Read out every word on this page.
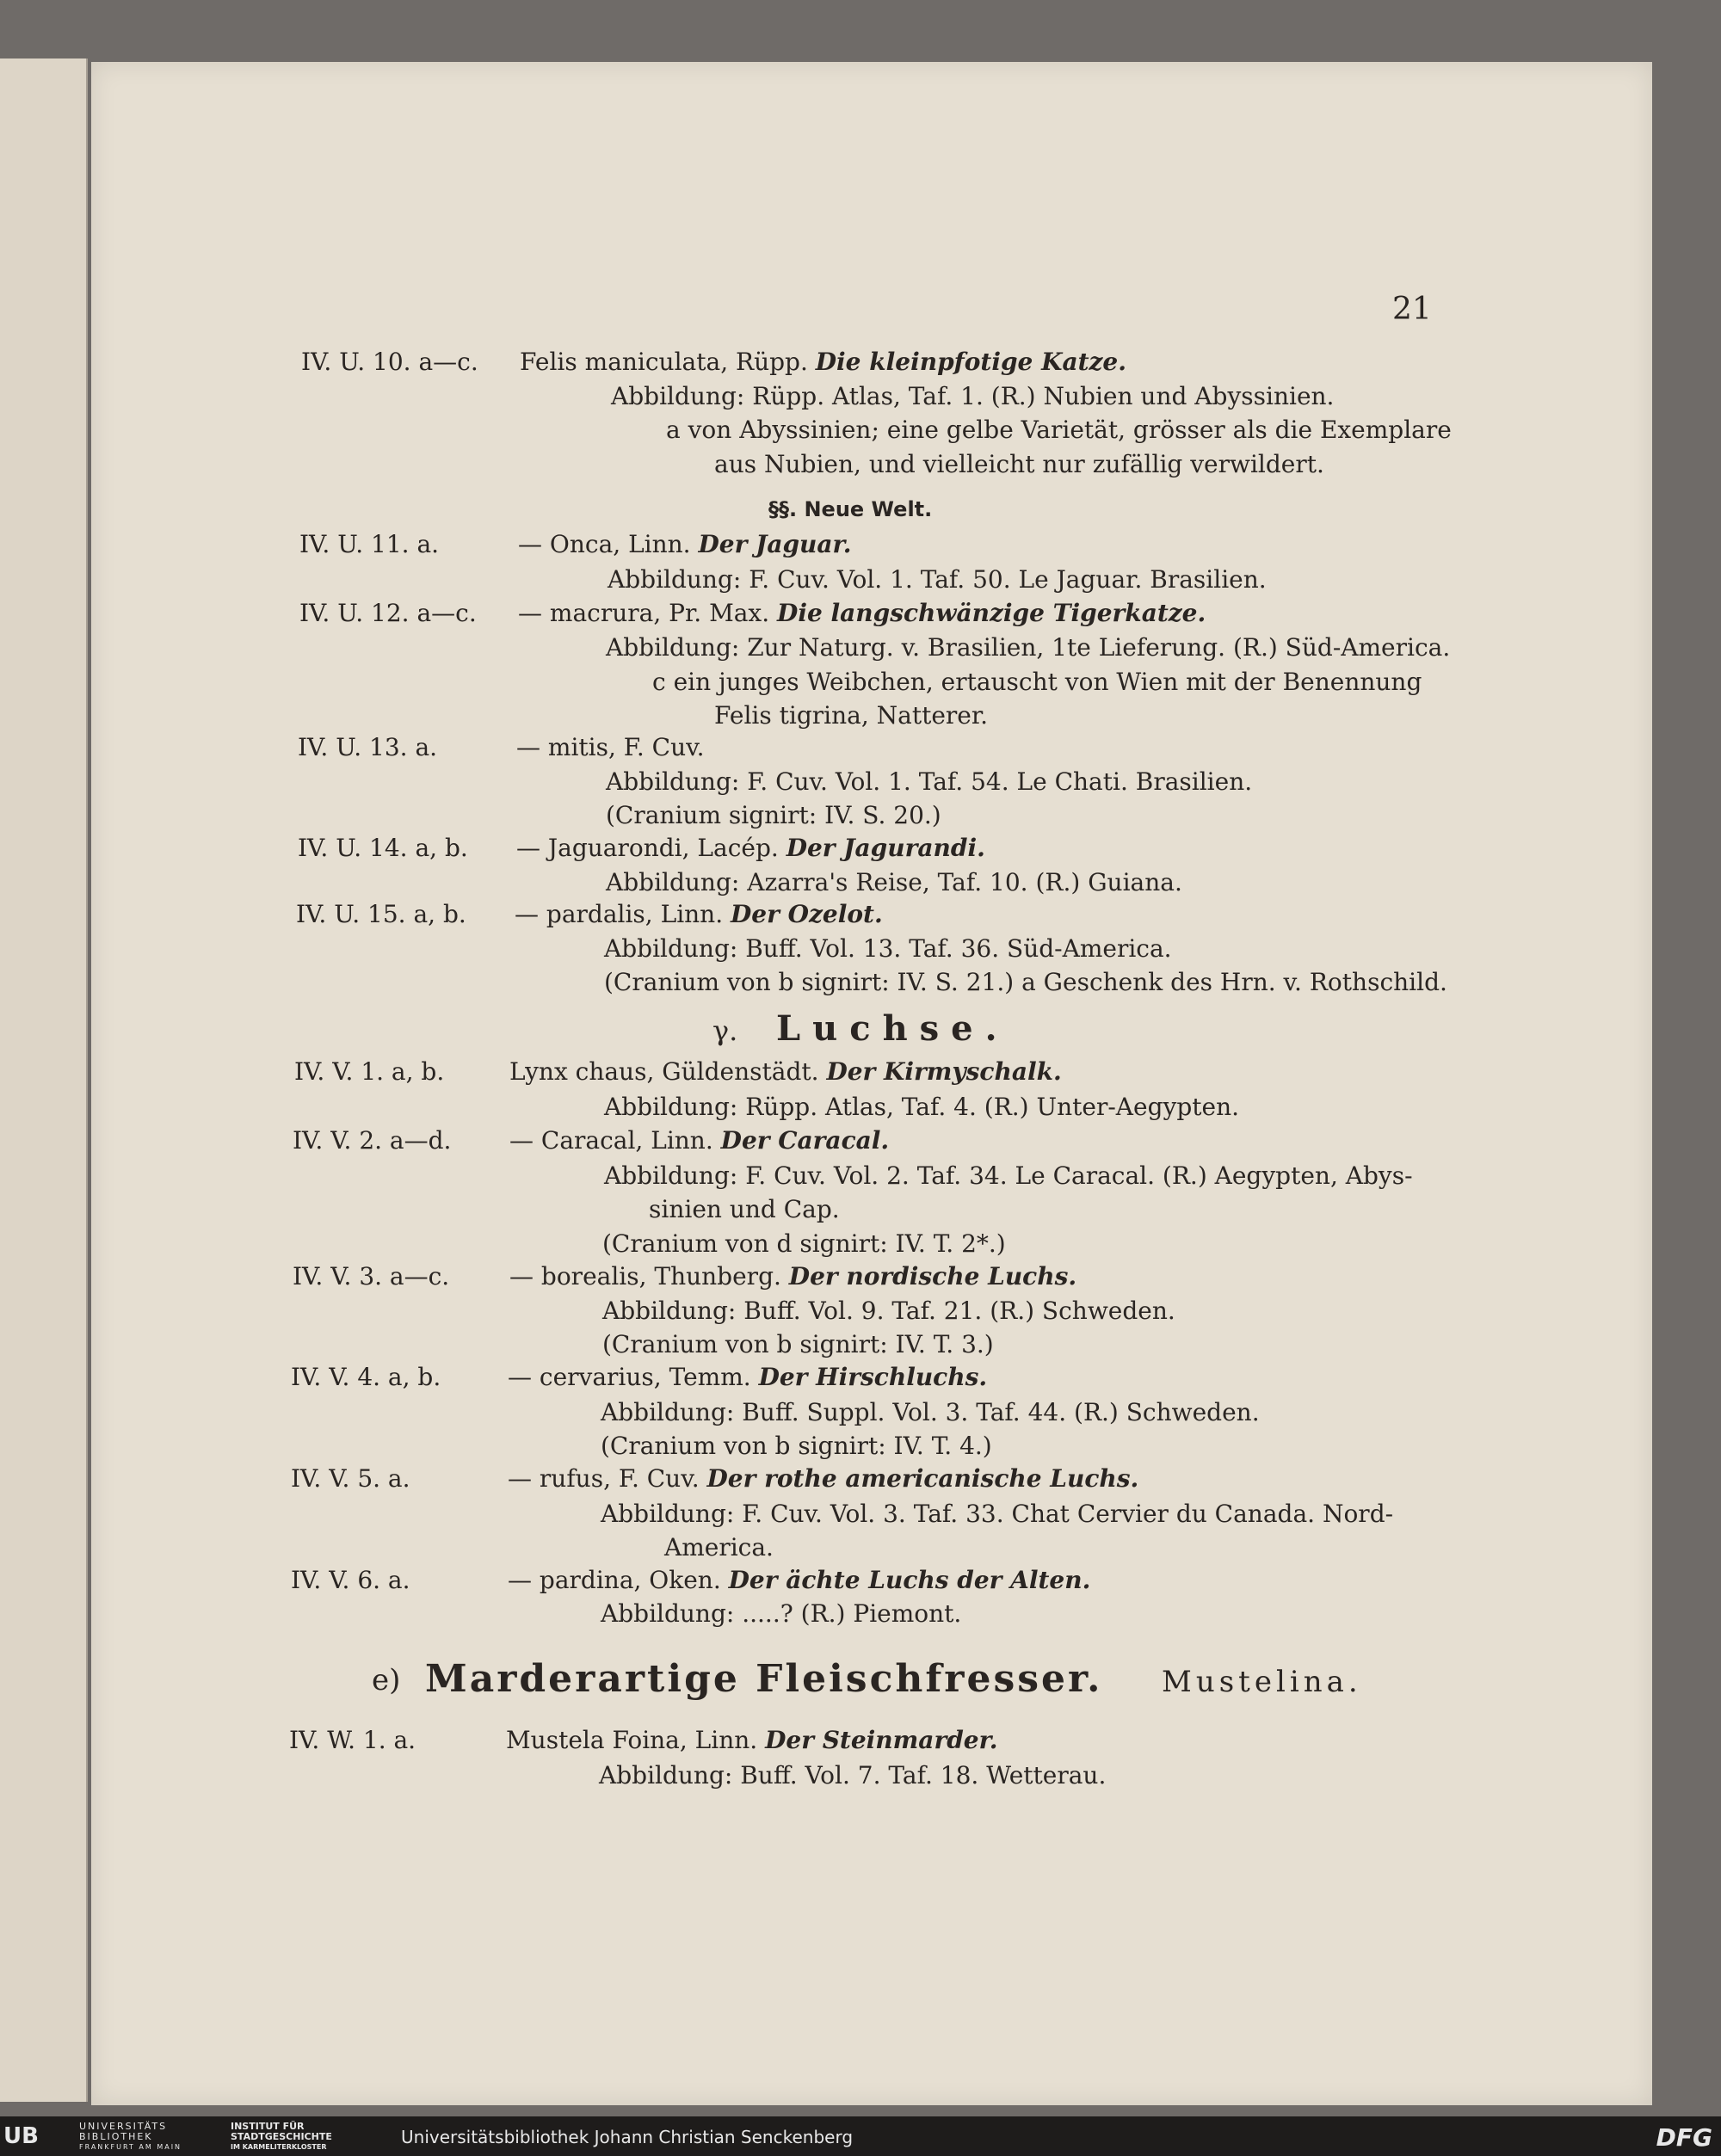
21
IV. U. 10. a—c. Felis maniculata, Rüpp. Die kleinpfotige Katze.
Abbildung: Rüpp. Atlas, Taf. 1. (R.) Nubien und Abyssinien.
a von Abyssinien; eine gelbe Varietät, grösser als die Exemplare
aus Nubien, und vielleicht nur zufällig verwildert.
§§. Neue Welt.
IV. U. 11. a.	— Onca, Linn. Der Jaguar.
Abbildung: F. Cuv. Vol. 1. Taf. 50. Le Jaguar. Brasilien.
IV. U. 12. a—c. — macrura, Pr. Max. Die langschwänzige Tigerkatze.
Abbildung: Zur Naturg. v. Brasilien, 1te Lieferung. (R.) Süd-America.
c ein junges Weibchen, ertauscht von Wien mit der Benennung
Felis tigrina, Natterer.
IV. U. 13. a.	— mitis, F. Cuv.
Abbildung: F. Cuv. Vol. 1. Taf. 54. Le Chati. Brasilien.
(Cranium signirt: IV. S. 20.)
IV. U. 14. a, b. — Jaguarondi, Lacép. Der Jagurandi.
Abbildung: Azarra's Reise, Taf. 10. (R.) Guiana.
IV. U. 15. a, b. — pardalis, Linn. Der Ozelot.
Abbildung: Buff. Vol. 13. Taf. 36. Süd-America.
(Cranium von b signirt: IV. S. 21.) a Geschenk des Hrn. v. Rothschild.
γ. Luchse.
IV. V. 1. a, b.	Lynx chaus, Güldenstädt. Der Kirmyschalk.
Abbildung: Rüpp. Atlas, Taf. 4. (R.) Unter-Aegypten.
IV. V. 2. a—d. — Caracal, Linn. Der Caracal.
Abbildung: F. Cuv. Vol. 2. Taf. 34. Le Caracal. (R.) Aegypten, Abys-
sinien und Cap.
(Cranium von d signirt: IV. T. 2*.)
IV. V. 3. a—c. — borealis, Thunberg. Der nordische Luchs.
Abbildung: Buff. Vol. 9. Taf. 21. (R.) Schweden.
(Cranium von b signirt: IV. T. 3.)
IV. V. 4. a, b.	— cervarius, Temm. Der Hirschluchs.
Abbildung: Buff. Suppl. Vol. 3. Taf. 44. (R.) Schweden.
(Cranium von b signirt: IV. T. 4.)
IV. V. 5. a.	— rufus, F. Cuv. Der rothe americanische Luchs.
Abbildung: F. Cuv. Vol. 3. Taf. 33. Chat Cervier du Canada. Nord-
America.
IV. V. 6. a.	— pardina, Oken. Der ächte Luchs der Alten.
Abbildung: .....? (R.) Piemont.
e) Marderartige Fleischfresser. Mustelina.
IV. W. 1. a.	Mustela Foina, Linn. Der Steinmarder.
Abbildung: Buff. Vol. 7. Taf. 18. Wetterau.
UB	UNIVERSITÄTS
BIBLIOTHEK
FRANKFURT AM MAIN
INSTITUT FÜR
STADTGESCHICHTE
IM KARMELITERKLOSTER	Universitätsbibliothek Johann Christian Senckenberg	DFG
